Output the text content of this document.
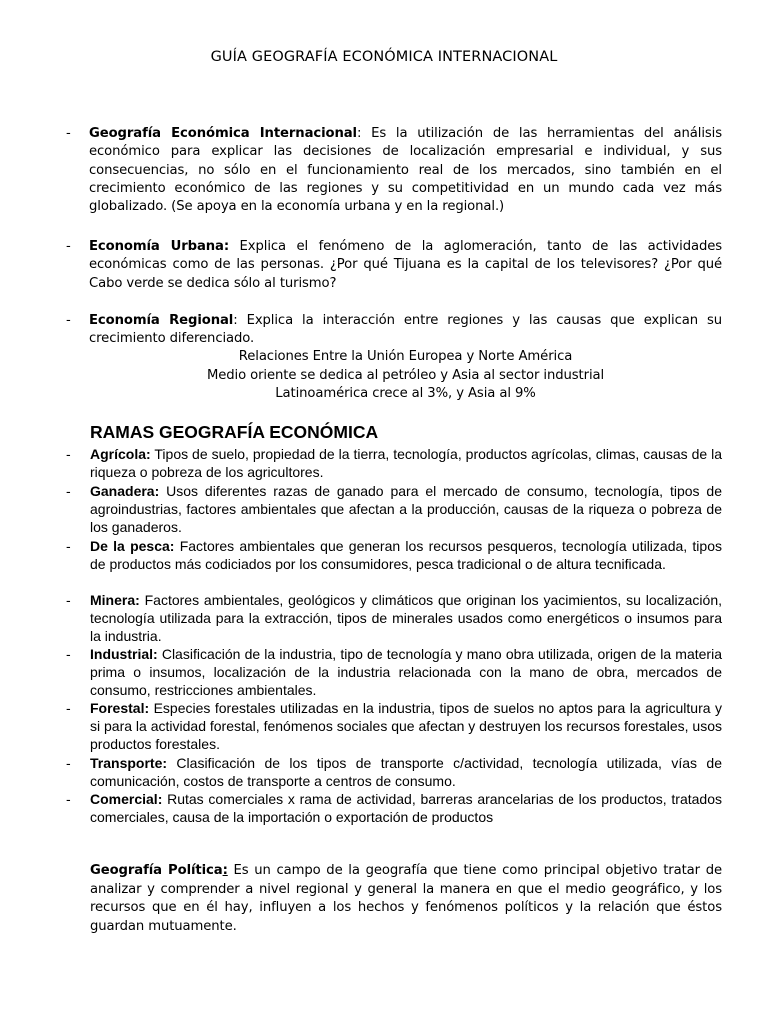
GUÍA GEOGRAFÍA ECONÓMICA INTERNACIONAL
- Geografía Económica Internacional: Es la utilización de las herramientas del análisis económico para explicar las decisiones de localización empresarial e individual, y sus consecuencias, no sólo en el funcionamiento real de los mercados, sino también en el crecimiento económico de las regiones y su competitividad en un mundo cada vez más globalizado. (Se apoya en la economía urbana y en la regional.)
- Economía Urbana: Explica el fenómeno de la aglomeración, tanto de las actividades económicas como de las personas. ¿Por qué Tijuana es la capital de los televisores? ¿Por qué Cabo verde se dedica sólo al turismo?
- Economía Regional: Explica la interacción entre regiones y las causas que explican su crecimiento diferenciado.
Relaciones Entre la Unión Europea y Norte América
Medio oriente se dedica al petróleo y Asia al sector industrial
Latinoamérica crece al 3%, y Asia al 9%
RAMAS GEOGRAFÍA ECONÓMICA
- Agrícola: Tipos de suelo, propiedad de la tierra, tecnología, productos agrícolas, climas, causas de la riqueza o pobreza de los agricultores.
- Ganadera: Usos diferentes razas de ganado para el mercado de consumo, tecnología, tipos de agroindustrias, factores ambientales que afectan a la producción, causas de la riqueza o pobreza de los ganaderos.
- De la pesca: Factores ambientales que generan los recursos pesqueros, tecnología utilizada, tipos de productos más codiciados por los consumidores, pesca tradicional o de altura tecnificada.
- Minera: Factores ambientales, geológicos y climáticos que originan los yacimientos, su localización, tecnología utilizada para la extracción, tipos de minerales usados como energéticos o insumos para la industria.
- Industrial: Clasificación de la industria, tipo de tecnología y mano obra utilizada, origen de la materia prima o insumos, localización de la industria relacionada con la mano de obra, mercados de consumo, restricciones ambientales.
- Forestal: Especies forestales utilizadas en la industria, tipos de suelos no aptos para la agricultura y si para la actividad forestal, fenómenos sociales que afectan y destruyen los recursos forestales, usos productos forestales.
- Transporte: Clasificación de los tipos de transporte c/actividad, tecnología utilizada, vías de comunicación, costos de transporte a centros de consumo.
- Comercial: Rutas comerciales x rama de actividad, barreras arancelarias de los productos, tratados comerciales, causa de la importación o exportación de productos
Geografía Política: Es un campo de la geografía que tiene como principal objetivo tratar de analizar y comprender a nivel regional y general la manera en que el medio geográfico, y los recursos que en él hay, influyen a los hechos y fenómenos políticos y la relación que éstos guardan mutuamente.
